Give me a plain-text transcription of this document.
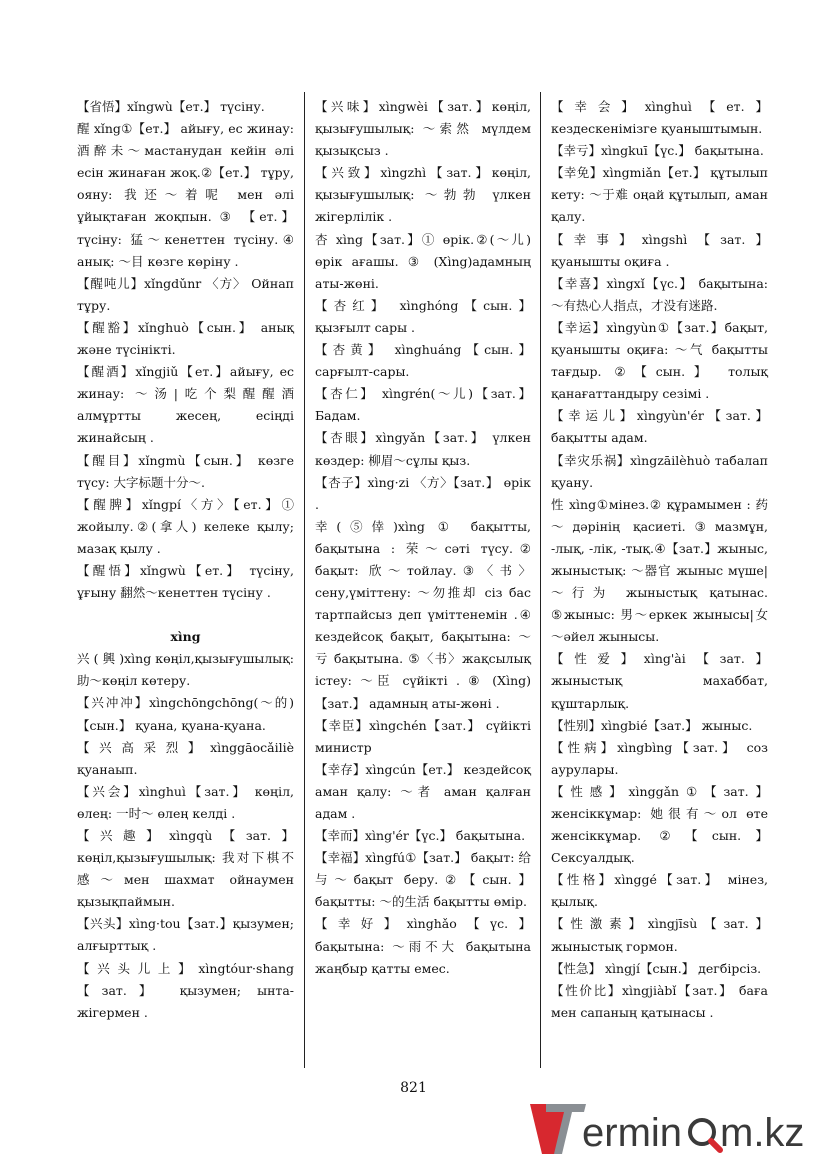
【省悟】xǐngwù【ет.】 түсіну.

醒 xǐng①【ет.】 айығу, ес жинау: 酒醉未～мастанудан кейін әлі есін жинаған жоқ.②【ет.】 тұру, ояну: 我还～着呢 мен әлі ұйықтаған жоқпын. ③ 【ет.】 түсіну: 猛～кенеттен түсіну.④ анық: ～目 көзге көріну .

【醒吨儿】xǐngdǔnr 〈方〉 Ойнап тұру.

【醒豁】xǐnghuò【сын.】 анық және түсінікті.

【醒酒】xǐngjiǔ【ет.】айығу, ес жинау: ～汤|吃个梨醒醒酒 алмұртты жесең, есіңді жинайсың .

【醒目】xǐngmù【сын.】 көзге түсу: 大字标题十分～.

【醒脾】xǐngpí〈方〉【ет.】① жойылу.②(拿人) келеке қылу; мазақ қылу .

【醒悟】xǐngwù【ет.】 түсіну, ұғыну 翻然～кенеттен түсіну .

xìng

兴 ( 興 )xìng көңіл,қызығушылық: 助～көңіл көтеру.

【兴冲冲】xìngchōngchōng(～的)【сын.】 қуана, қуана-қуана.

【兴高采烈】xìnggāocǎiliè қуанаып.

【兴会】xìnghuì【зат.】 көңіл, өлең: 一时～ өлең келді .

【兴趣】xìngqù【зат.】 көңіл,қызығушылық: 我对下棋不感～мен шахмат ойнаумен қызықпаймын.

【兴头】xìng·tou【зат.】қызумен; алғырттық .

【兴头儿上】xìngtóur·shang 【зат.】 қызумен; ынта-жігермен .

【兴味】xìngwèi【зат.】көңіл, қызығушылық: ～索然 мүлдем қызықсыз .

【兴致】xìngzhì【зат.】көңіл, қызығушылық: ～勃勃 үлкен жігерлілік .

杏 xìng【зат.】① өрік.②(～儿) өрік ағашы. ③ (Xìng)адамның аты-жөні.

【杏红】 xìnghóng【сын.】 қызғылт сары .

【杏黄】 xìnghuáng【сын.】 сарғылт-сары.

【杏仁】 xìngrén(～儿)【зат.】 Бадам.

【杏眼】xìngyǎn【зат.】 үлкен көздер: 柳眉～сұлы қыз.

【杏子】xìng·zi 〈方〉【зат.】 өрік .

幸(⑤倖)xìng ① бақытты, бақытына : 荣～сәті түсу.② бақыт: 欣～тойлау.③〈书〉сену,үміттену: ～勿推却 сіз бас тартпайсыз деп үміттенемін .④ кездейсоқ бақыт, бақытына: ～亏 бақытына. ⑤〈书〉жақсылық істеу: ～臣 сүйікті . ⑧ (Xìng)【зат.】 адамның аты-жөні .

【幸臣】xìngchén【зат.】 сүйікті министр

【幸存】xìngcún【ет.】 кездейсоқ аман қалу: ～者 аман қалған адам .

【幸而】xìng'ér【үс.】 бақытына.

【幸福】xìngfú①【зат.】 бақыт: 给与～бақыт беру.②【сын.】 бақытты: ～的生活 бақытты өмір.

【幸好】xìnghǎo【үс.】 бақытына: ～雨不大 бақытына жаңбыр қатты емес.

【幸会】xìnghuì【ет.】 кездескенімізге қуаныштымын.

【幸亏】xìngkuī【үс.】 бақытына.

【幸免】xìngmiǎn【ет.】 құтылып кету: ～于难 оңай құтылып, аман қалу.

【幸事】xìngshì【зат.】 қуанышты оқиға .

【幸喜】xìngxǐ【үс.】 бақытына: ～有热心人指点，才没有迷路.

【幸运】xìngyùn①【зат.】бақыт, қуанышты оқиға: ～气 бақытты тағдыр. ②【сын.】 толық қанағаттандыру сезімі .

【幸运儿】xìngyùn'ér【зат.】 бақытты адам.

【幸灾乐祸】xìngzāilèhuò табалап қуану.

性 xìng①мінез.② құрамымен : 药～дәрінің қасиеті.③мазмұн, -лық, -лік, -тық.④【зат.】жыныс, жыныстық: ～器官 жыныс мүше|～行为 жыныстық қатынас. ⑤жыныс: 男～еркек жынысы|女～әйел жынысы.

【性爱】xìng'ài【зат.】 жыныстық махаббат, құштарлық.

【性别】xìngbié【зат.】 жыныс.

【性病】xìngbìng【зат.】 соз аурулары.

【性感】xìnggǎn①【зат.】 женсіккұмар: 她很有～ол өте женсіккұмар. ②【сын.】 Сексуалдық.

【性格】xìnggé【зат.】 мінез, қылық.

【性激素】xìngjīsù【зат.】 жыныстық гормон.

【性急】 xìngjí【сын.】 дегбірсіз.

【性价比】xìngjiàbǐ【зат.】 баға мен сапаның қатынасы .

821
ermin m.kz
